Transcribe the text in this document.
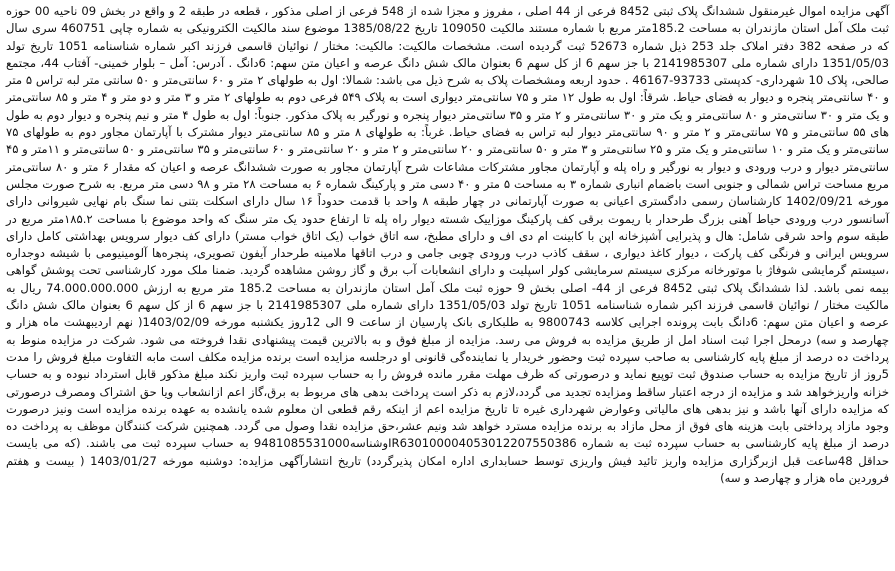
آگهی مزایده اموال غیرمنقول ششدانگ پلاک ثبتی 8452 فرعی از 44 اصلی ، مفروز و مجزا شده از 548 فرعی از اصلی مذکور ، قطعه در طبقه 2 و واقع در بخش 09 ناحیه 00 حوزه ثبت ملک آمل استان مازندران به مساحت 185.2متر مربع با شماره مستند مالکیت 109050 تاریخ 1385/08/22 موضوع سند مالکیت الکترونیکی به شماره چاپی 460751 سری سال که در صفحه 382 دفتر املاک جلد 253 ذیل شماره 52673 ثبت گردیده است. مشخصات مالکیت: مالکیت: مختار / نوائیان قاسمی فرزند اکبر شماره شناسنامه 1051 تاریخ تولد 1351/05/03 دارای شماره ملی 2141985307 با جز سهم 6 از کل سهم 6 بعنوان مالک شش دانگ عرصه و اعیان متن سهم: 6دانگ . آدرس: آمل – بلوار خمینی- آفتاب 44، مجتمع صالحی، پلاک 10 شهرداری- کدپستی 93733-46167 . حدود اربعه ومشخصات پلاک به شرح ذیل می باشد: شمالا: اول به طولهای ۲ متر و ۶۰ سانتی‌متر و ۵۰ سانتی متر لبه تراس ۵ متر و ۴۰ سانتی‌متر پنجره و دیوار به فضای حیاط. شرقاً: اول به طول ۱۲ متر و ۷۵ سانتی‌متر دیواری است به پلاک ۵۴۹ فرعی دوم به طولهای ۲ متر و ۳ متر و دو متر و ۴ متر و ۸۵ سانتی‌متر و یک متر و ۳۰ سانتی‌متر و ۸۰ سانتی‌متر و یک متر و ۳۰ سانتی‌متر و ۲ متر و ۳۵ سانتی‌متر دیوار پنجره و نورگیر به پلاک مذکور. جنوباً: اول به طول ۴ متر و نیم پنجره و دیوار دوم به طول های ۵۵ سانتی‌متر و ۷۵ سانتی‌متر و ۲ متر و ۹۰ سانتی‌متر دیوار لبه تراس به فضای حیاط. غرباً: به طولهای ۸ متر و ۸۵ سانتی‌متر دیوار مشترک با آپارتمان مجاور دوم به طولهای ۷۵ سانتی‌متر و یک متر و ۱۰ سانتی‌متر و یک متر و ۲۵ سانتی‌متر و ۳ متر و ۵۰ سانتی‌متر و ۲۰ سانتی‌متر و ۲ متر و ۲۰ سانتی‌متر و ۶۰ سانتی‌متر و ۳۵ سانتی‌متر و ۵۰ سانتی‌متر و ۱۱متر و ۴۵ سانتی‌متر دیوار و درب ورودی و دیوار به نورگیر و راه پله و آپارتمان مجاور مشترکات مشاعات شرح آپارتمان مجاور به صورت ششدانگ عرصه و اعیان که مقدار ۶ متر و ۸۰ سانتی‌متر مربع مساحت تراس شمالی و جنوبی است باضمام انباری شماره ۳ به مساحت ۵ متر و ۴۰ دسی متر و پارکینگ شماره ۶ به مساحت ۲۸ متر و ۹۸ دسی متر مربع. به شرح صورت مجلس مورخه 1402/09/21 کارشناسان رسمی دادگستری اعیانی به صورت آپارتمانی در چهار طبقه ۸ واحد با قدمت حدوداً ۱۶ سال دارای اسکلت بتنی نما سنگ بام نهایی شیروانی دارای آسانسور درب ورودی حیاط آهنی بزرگ طرحدار با ریموت برقی کف پارکینگ موزاییک شسته دیوار راه پله تا ارتفاع حدود یک متر سنگ که واحد موضوع با مساحت ۱۸۵.۲متر مربع در طبقه سوم واحد شرقی شامل: هال و پذیرایی آشپزخانه اپن با کابینت ام دی اف و دارای مطبخ، سه اتاق خواب (یک اتاق خواب مستر) دارای کف دیوار سرویس بهداشتی کامل دارای سرویس ایرانی و فرنگی کف پارکت ، دیوار کاغذ دیواری ، سقف کاذب درب ورودی چوبی جامی و درب اتاقها ملامینه طرحدار آیفون تصویری، پنجره‌ها آلومینیومی با شیشه دوجداره ،سیستم گرمایشی شوفاژ با موتورخانه مرکزی سیستم سرمایشی کولر اسپلیت و دارای انشعابات آب برق و گاز روشن مشاهده گردید. ضمنا ملک مورد کارشناسی تحت پوشش گواهی بیمه نمی باشد. لذا ششدانگ پلاک ثبتی 8452 فرعی از 44- اصلی بخش 9 حوزه ثبت ملک آمل استان مازندران به مساحت 185.2 متر مربع به ارزش 74.000.000.000 ریال به مالکیت مختار / نوائیان قاسمی فرزند اکبر شماره شناسنامه 1051 تاریخ تولد 1351/05/03 دارای شماره ملی 2141985307 با جز سهم 6 از کل سهم 6 بعنوان مالک شش دانگ عرصه و اعیان متن سهم: 6دانگ بابت پرونده اجرایی کلاسه 9800743 به طلبکاری بانک پارسیان از ساعت 9 الی 12روز یکشنبه مورخه 1403/02/09( نهم اردیبهشت ماه هزار و چهارصد و سه) درمحل اجرا ثبت اسناد امل از طریق مزایده به فروش می رسد. مزایده از مبلغ فوق و به بالاترین قیمت پیشنهادی نقدا فروخته می شود. شرکت در مزایده منوط به پرداخت ده درصد از مبلغ پایه کارشناسی به صاحب سپرده ثبت وحضور خریدار یا نماینده‌گی قانونی او درجلسه مزایده است برنده مزایده مکلف است مابه التفاوت مبلغ فروش را مدت 5روز از تاریخ مزایده به حساب صندوق ثبت توپیع نماید و درصورتی که ظرف مهلت مقرر مانده فروش را به حساب سپرده ثبت واریز نکند مبلغ مذکور قابل استرداد نبوده و به حساب خزانه واریزخواهد شد و مزایده از درجه اعتبار ساقط ومزایده تجدید می گردد،لازم به ذکر است پرداخت بدهی های مربوط به برق،گاز اعم ازانشعاب ویا حق اشتراک ومصرف درصورتی که مزایده دارای آنها باشد و نیز بدهی های مالیاتی وعوارض شهرداری غیره تا تاریخ مزایده اعم از اینکه رقم قطعی ان معلوم شده یانشده به عهده برنده مزایده است ونیز درصورت وجود مازاد پرداختی بابت هزینه های فوق از محل مازاد به برنده مزایده مسترد خواهد شد ونیم عشر،حق مزایده نقدا وصول می گردد. همچنین شرکت کنندگان موظف به پرداخت ده درصد از مبلغ پایه کارشناسی به حساب سپرده ثبت به شماره IR630100004053012207550386وشناسه9481085531000 به حساب سپرده ثبت می باشند. (که می بایست حداقل 48ساعت قبل ازبرگزاری مزایده واریز تائید فیش واریزی توسط حسابداری اداره امکان پذیرگردد) تاریخ انتشارآگهی مزایده: دوشنبه مورخه 1403/01/27 ( بیست و هفتم فروردین ماه هزار و چهارصد و سه)
